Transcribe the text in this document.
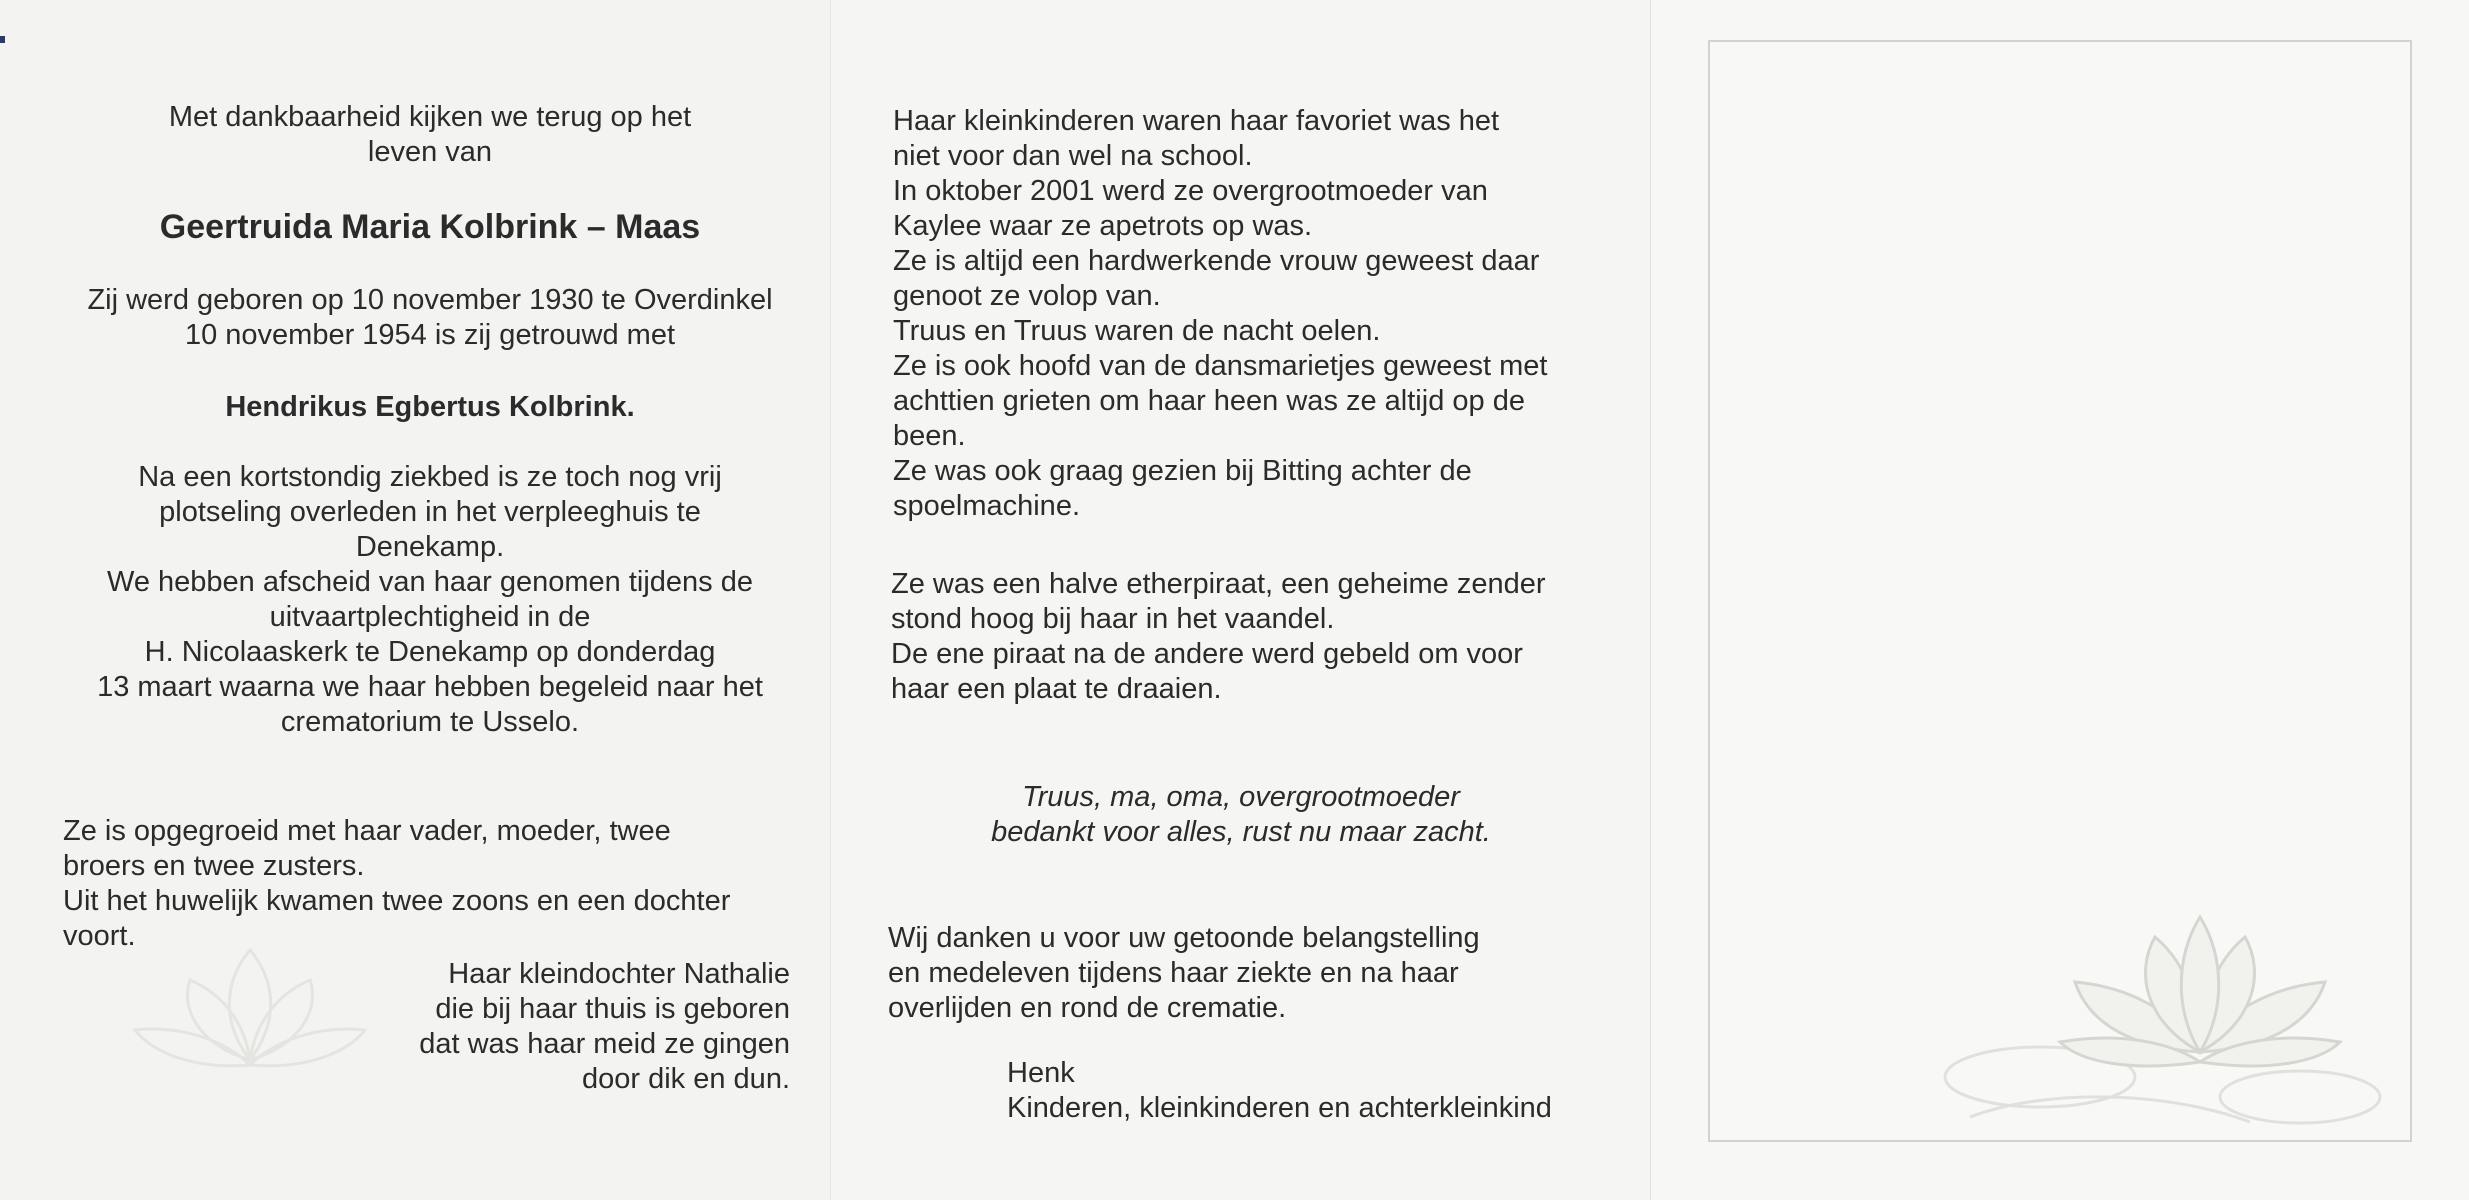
Met dankbaarheid kijken we terug op het
leven van
Geertruida Maria Kolbrink – Maas
Zij werd geboren op 10 november 1930 te Overdinkel
10 november 1954 is zij getrouwd met
Hendrikus Egbertus Kolbrink.
Na een kortstondig ziekbed is ze toch nog vrij
plotseling overleden in het verpleeghuis te
Denekamp.
We hebben afscheid van haar genomen tijdens de
uitvaartplechtigheid in de
H. Nicolaaskerk te Denekamp op donderdag
13 maart waarna we haar hebben begeleid naar het
crematorium te Usselo.
Ze is opgegroeid met haar vader, moeder, twee
broers en twee zusters.
Uit het huwelijk kwamen twee zoons en een dochter
voort.
Haar kleindochter Nathalie
die bij haar thuis is geboren
dat was haar meid ze gingen
door dik en dun.
Haar kleinkinderen waren haar favoriet was het
niet voor dan wel na school.
In oktober 2001 werd ze overgrootmoeder van
Kaylee waar ze apetrots op was.
Ze is altijd een hardwerkende vrouw geweest daar
genoot ze volop van.
Truus en Truus waren de nacht oelen.
Ze is ook hoofd van de dansmarietjes geweest met
achttien grieten om haar heen was ze altijd op de
been.
Ze was ook graag gezien bij Bitting achter de
spoelmachine.
Ze was een halve etherpiraat, een geheime zender
stond hoog bij haar in het vaandel.
De ene piraat na de andere werd gebeld om voor
haar een plaat te draaien.
Truus, ma, oma, overgrootmoeder
bedankt voor alles, rust nu maar zacht.
Wij danken u voor uw getoonde belangstelling
en medeleven tijdens haar ziekte en na haar
overlijden en rond de crematie.
Henk
Kinderen, kleinkinderen en achterkleinkind
